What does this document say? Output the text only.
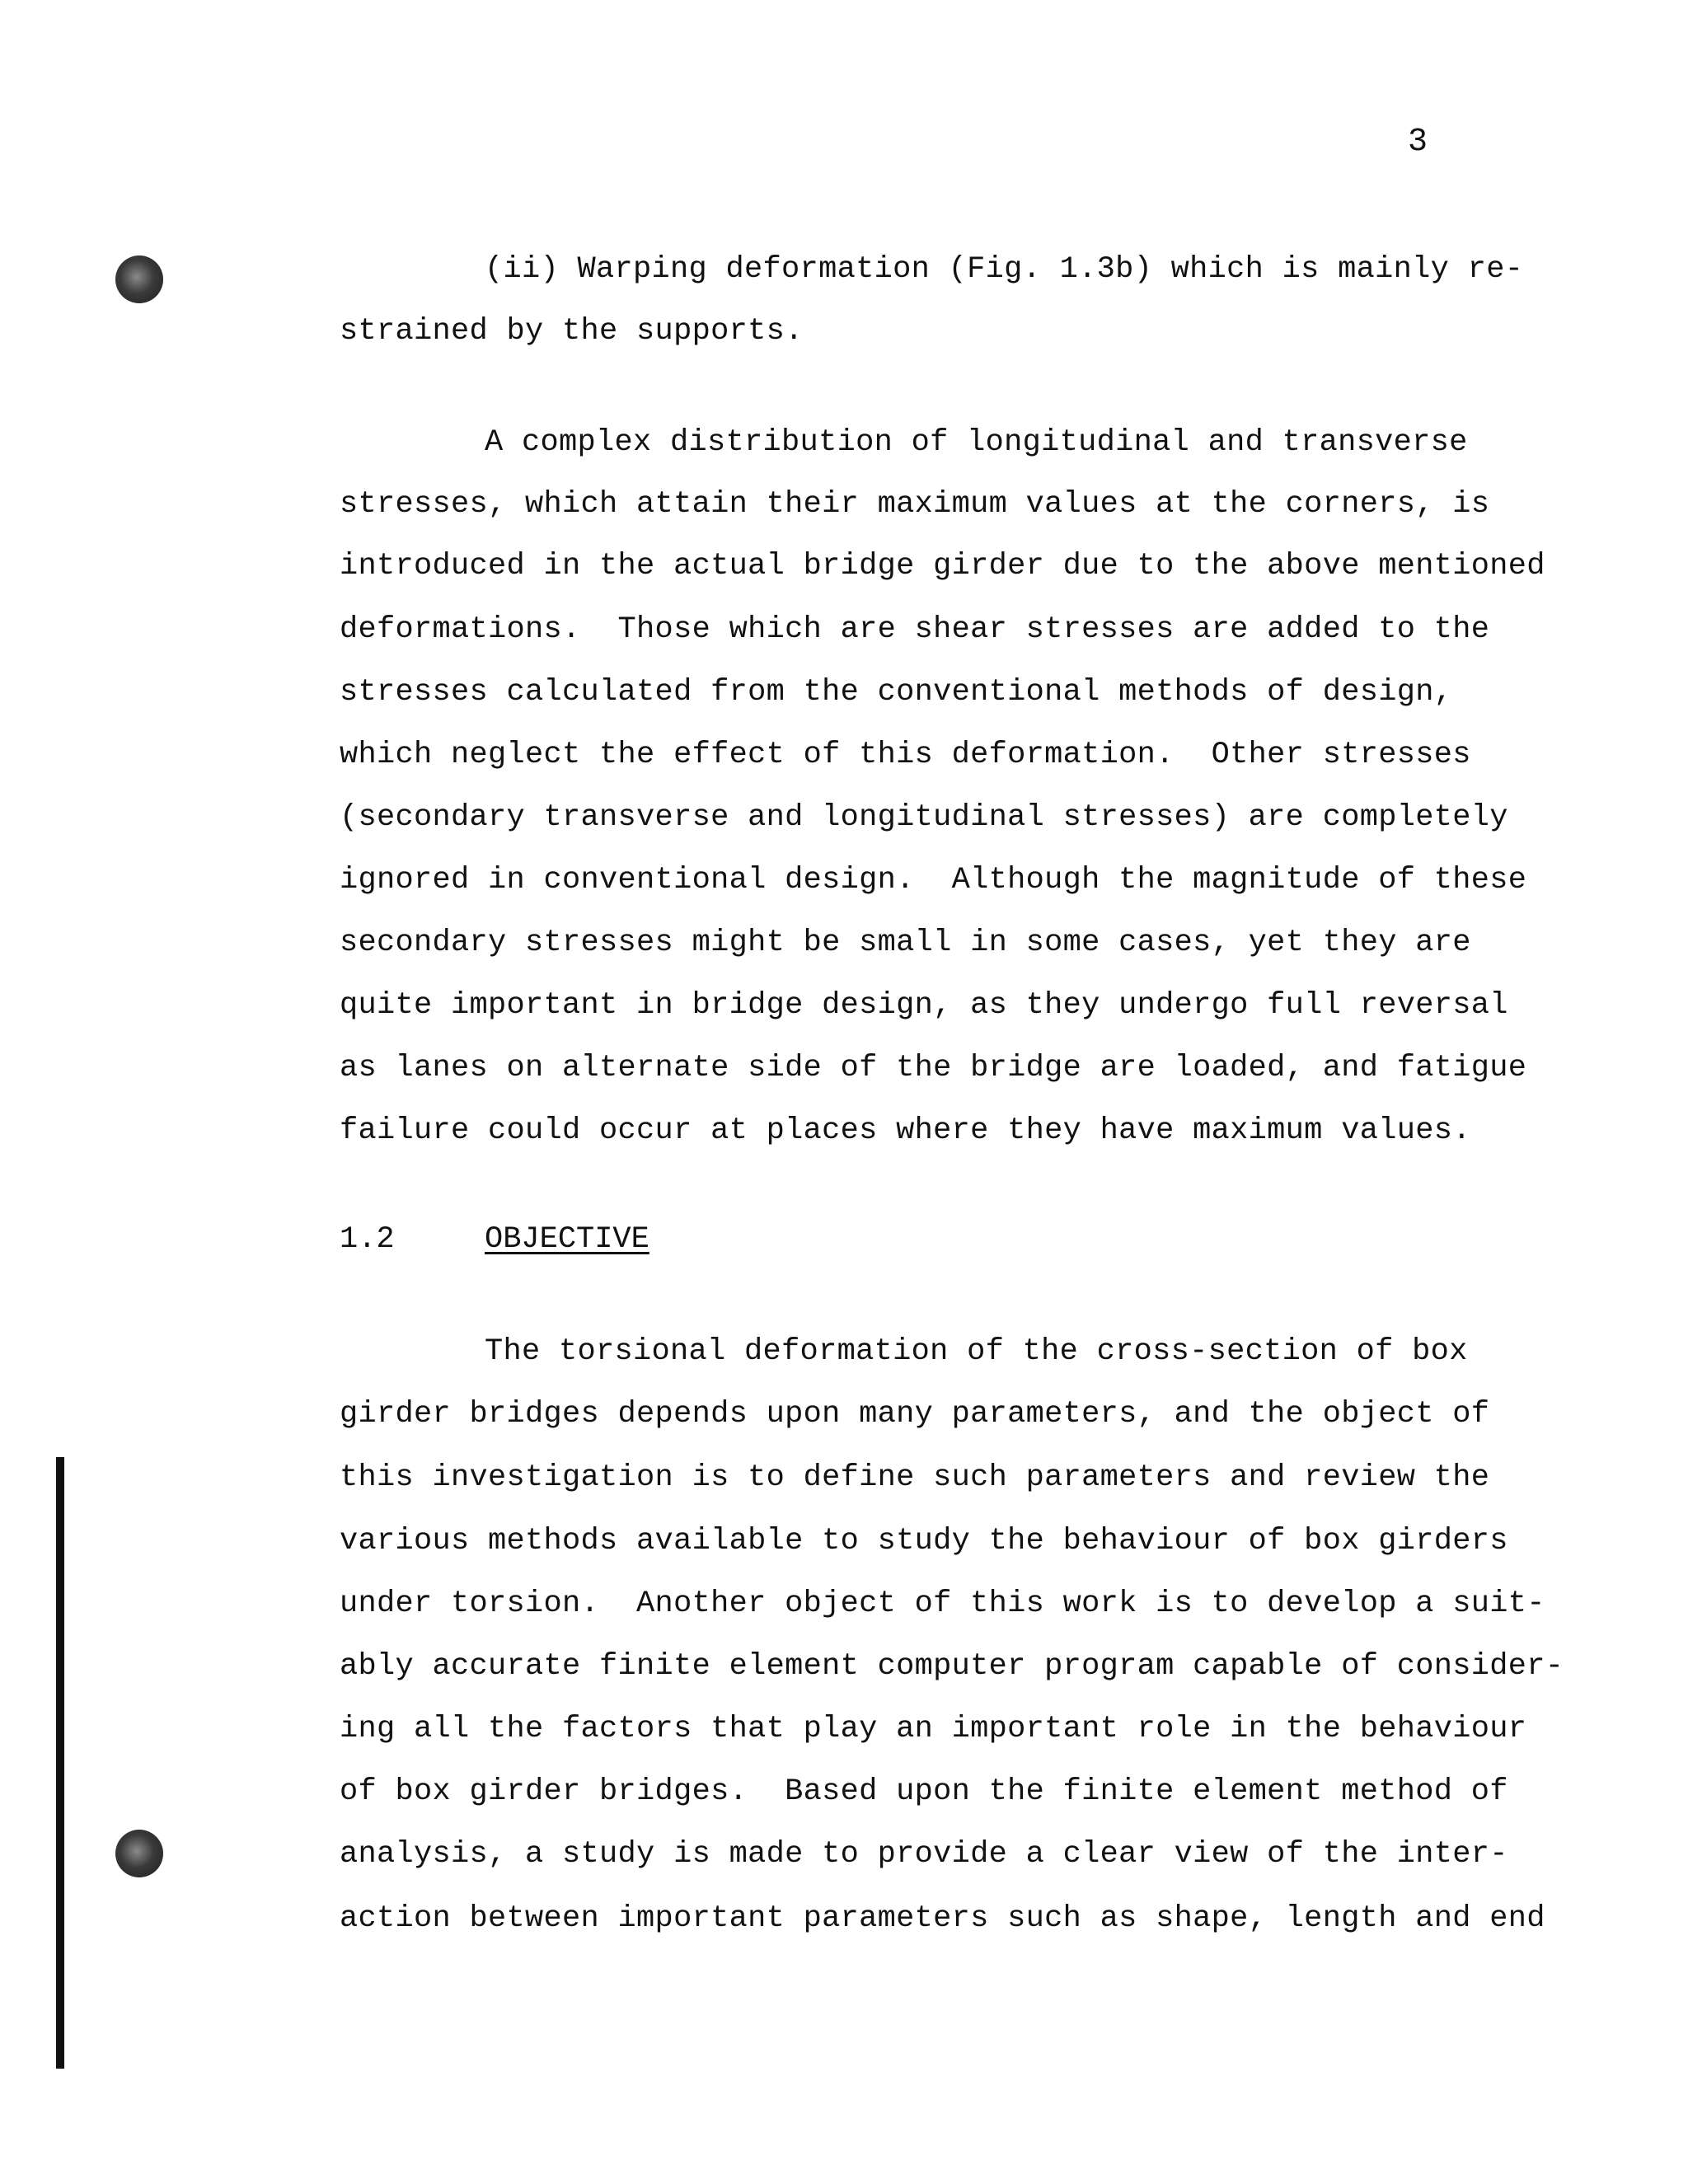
3
(ii) Warping deformation (Fig. 1.3b) which is mainly re-
strained by the supports.
A complex distribution of longitudinal and transverse
stresses, which attain their maximum values at the corners, is
introduced in the actual bridge girder due to the above mentioned
deformations.  Those which are shear stresses are added to the
stresses calculated from the conventional methods of design,
which neglect the effect of this deformation.  Other stresses
(secondary transverse and longitudinal stresses) are completely
ignored in conventional design.  Although the magnitude of these
secondary stresses might be small in some cases, yet they are
quite important in bridge design, as they undergo full reversal
as lanes on alternate side of the bridge are loaded, and fatigue
failure could occur at places where they have maximum values.
1.2	OBJECTIVE
The torsional deformation of the cross-section of box
girder bridges depends upon many parameters, and the object of
this investigation is to define such parameters and review the
various methods available to study the behaviour of box girders
under torsion.  Another object of this work is to develop a suit-
ably accurate finite element computer program capable of consider-
ing all the factors that play an important role in the behaviour
of box girder bridges.  Based upon the finite element method of
analysis, a study is made to provide a clear view of the inter-
action between important parameters such as shape, length and end
